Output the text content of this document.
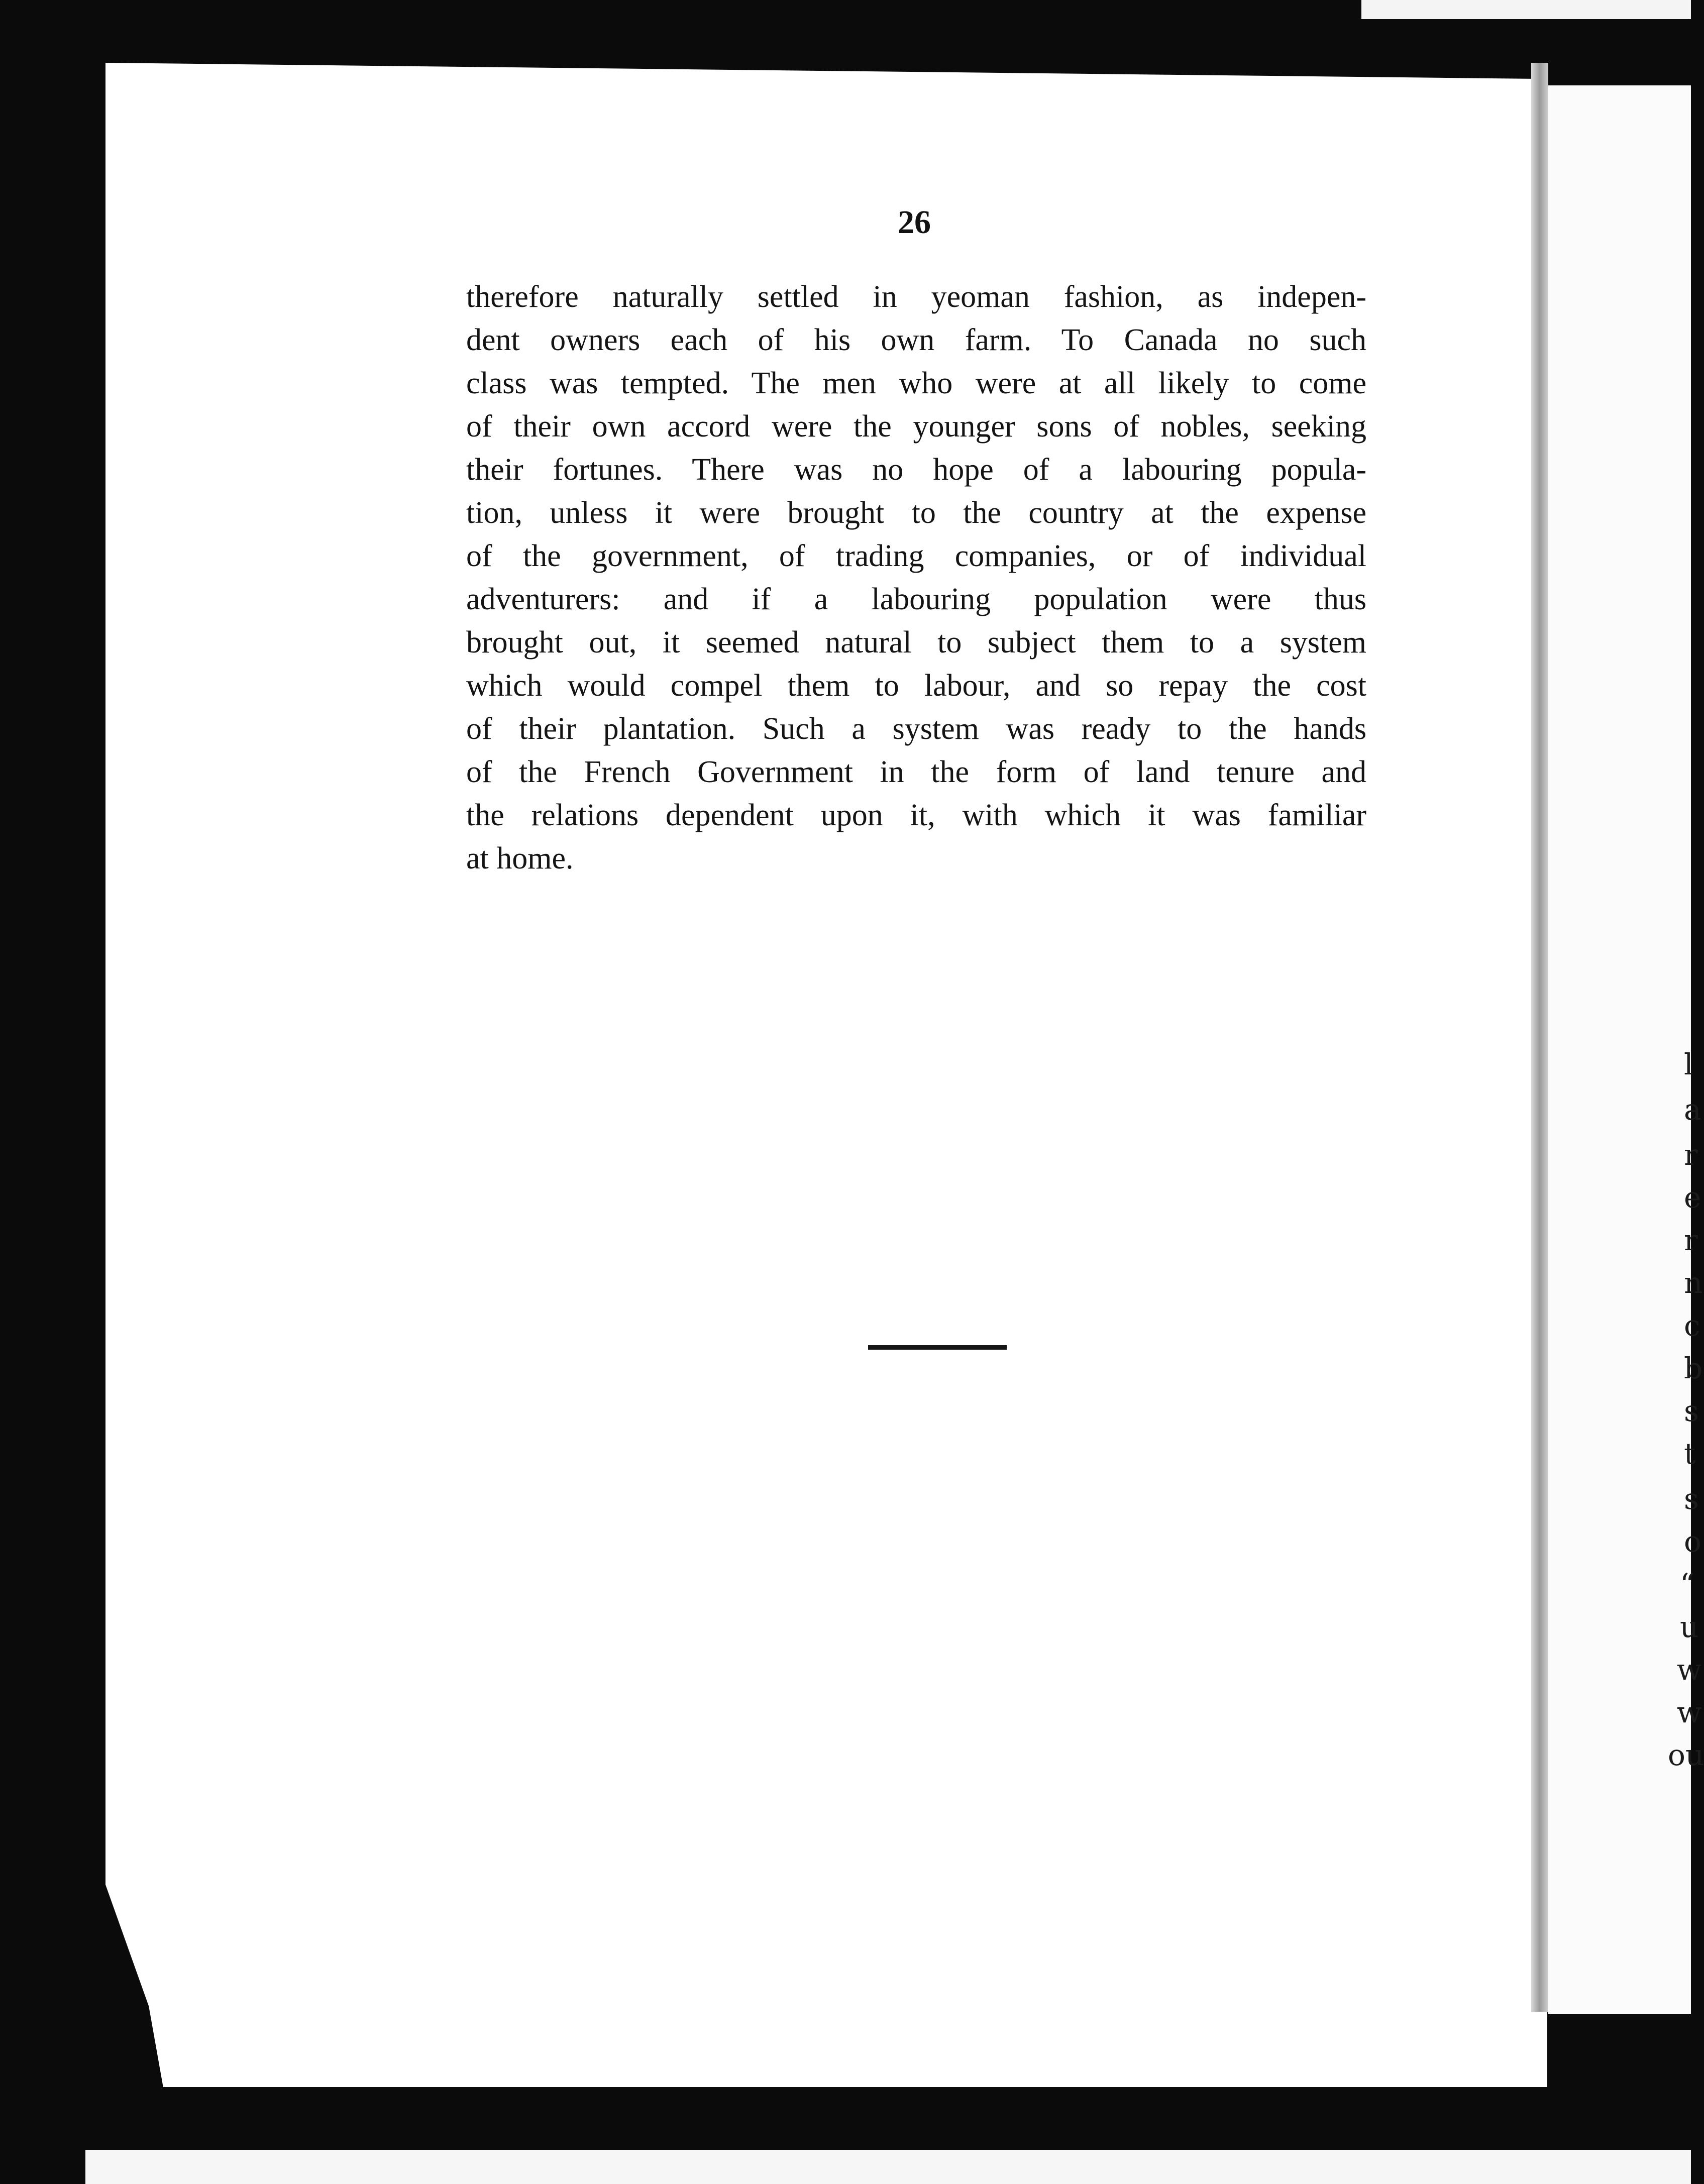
26
therefore naturally settled in yeoman fashion, as indepen-
dent owners each of his own farm. To Canada no such
class was tempted. The men who were at all likely to come
of their own accord were the younger sons of nobles, seeking
their fortunes. There was no hope of a labouring popula-
tion, unless it were brought to the country at the expense
of the government, of trading companies, or of individual
adventurers: and if a labouring population were thus
brought out, it seemed natural to subject them to a system
which would compel them to labour, and so repay the cost
of their plantation. Such a system was ready to the hands
of the French Government in the form of land tenure and
the relations dependent upon it, with which it was familiar
at home.
l
a
r
e
r
n
c
b
s
t
s
o
“
u
w
w
ou
